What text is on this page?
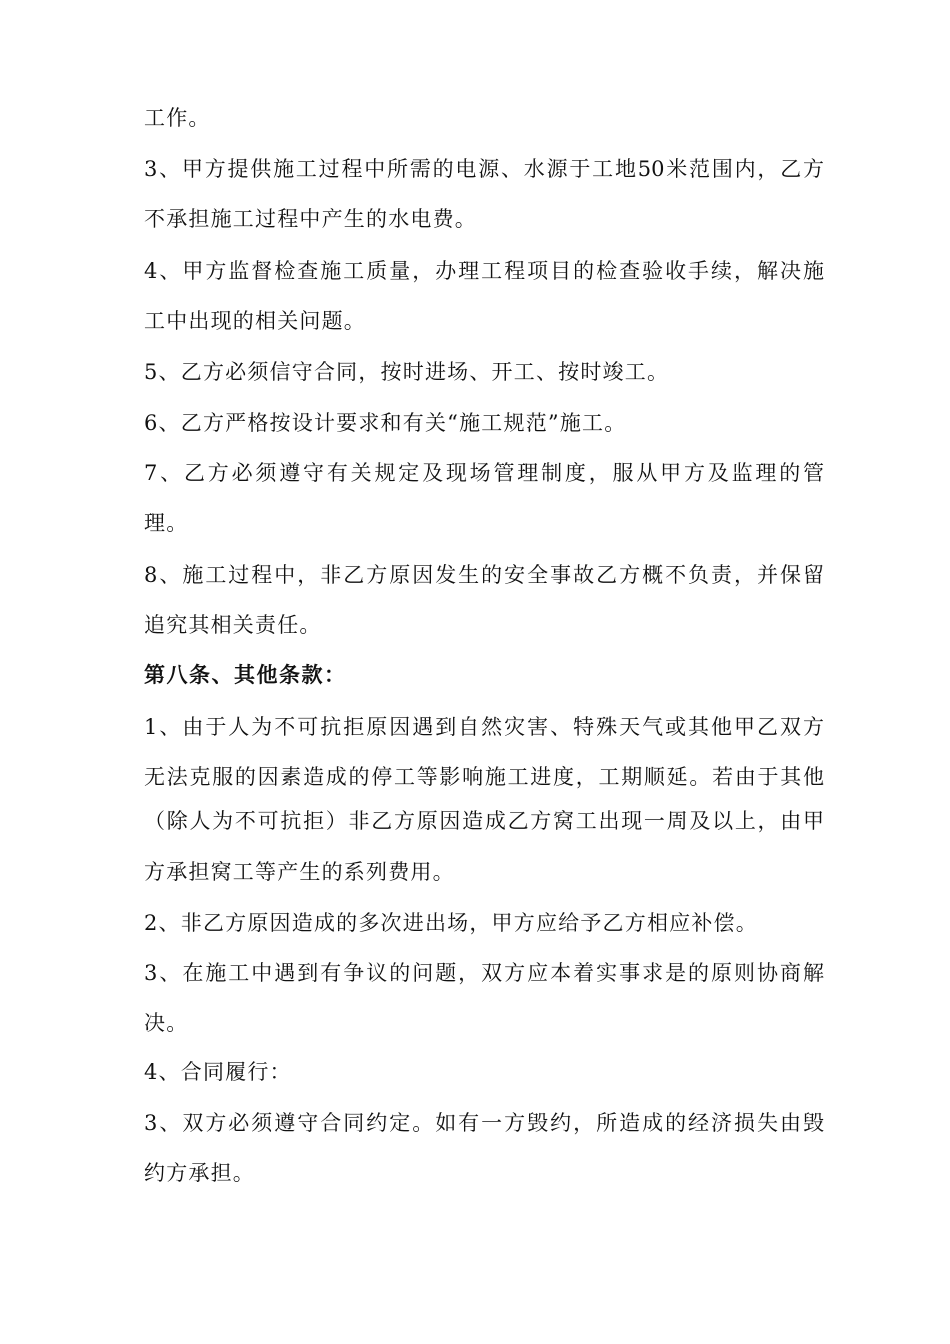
工作。
3、甲方提供施工过程中所需的电源、水源于工地50米范围内，乙方
不承担施工过程中产生的水电费。
4、甲方监督检查施工质量，办理工程项目的检查验收手续，解决施
工中出现的相关问题。
5、乙方必须信守合同，按时进场、开工、按时竣工。
6、乙方严格按设计要求和有关“施工规范”施工。
7、乙方必须遵守有关规定及现场管理制度，服从甲方及监理的管
理。
8、施工过程中，非乙方原因发生的安全事故乙方概不负责，并保留
追究其相关责任。
第八条、其他条款：
1、由于人为不可抗拒原因遇到自然灾害、特殊天气或其他甲乙双方
无法克服的因素造成的停工等影响施工进度，工期顺延。若由于其他
（除人为不可抗拒）非乙方原因造成乙方窝工出现一周及以上，由甲
方承担窝工等产生的系列费用。
2、非乙方原因造成的多次进出场，甲方应给予乙方相应补偿。
3、在施工中遇到有争议的问题，双方应本着实事求是的原则协商解
决。
4、合同履行：
3、双方必须遵守合同约定。如有一方毁约，所造成的经济损失由毁
约方承担。
